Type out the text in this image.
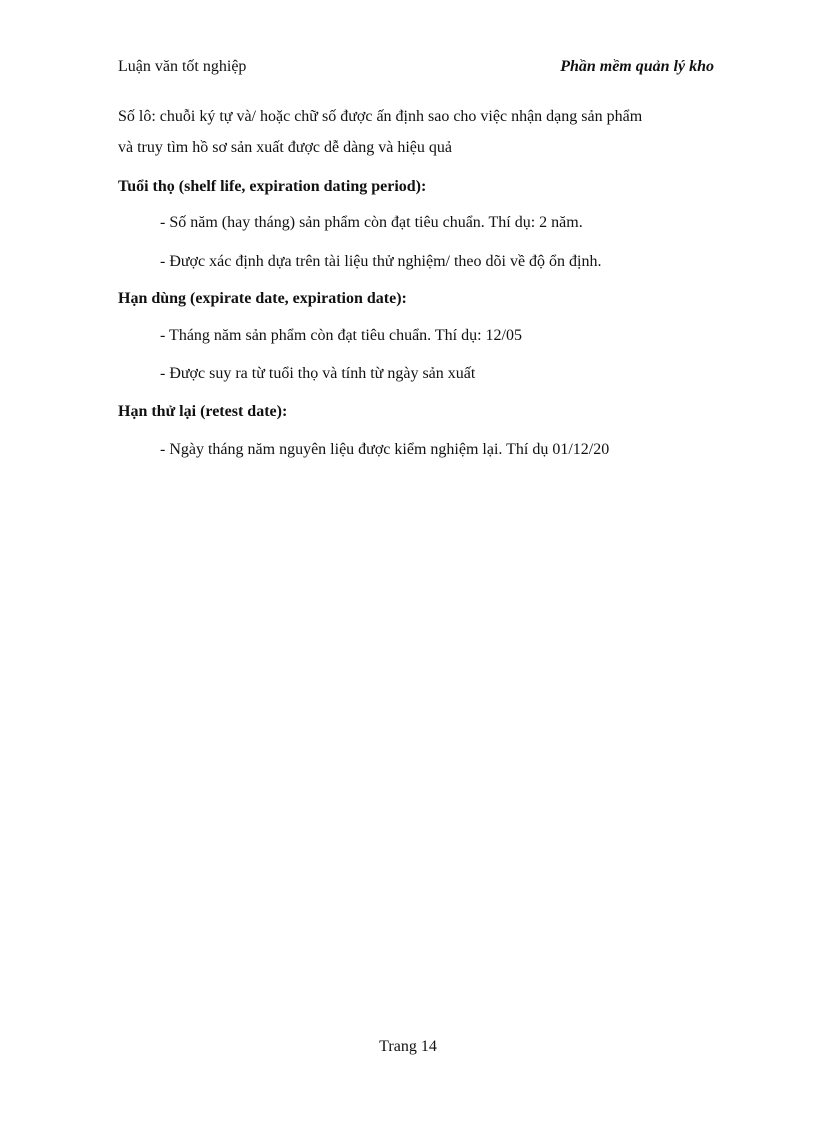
Luận văn tốt nghiệp	Phần mềm quản lý kho
Số lô: chuỗi ký tự và/ hoặc chữ số được ấn định sao cho việc nhận dạng sản phẩm
và truy tìm hồ sơ sản xuất được dễ dàng và hiệu quả
Tuổi thọ (shelf life, expiration dating period):
- Số năm (hay tháng) sản phẩm còn đạt tiêu chuẩn. Thí dụ: 2 năm.
- Được xác định dựa trên tài liệu thử nghiệm/ theo dõi về độ ổn định.
Hạn dùng (expirate date, expiration date):
- Tháng năm sản phẩm còn đạt tiêu chuẩn. Thí dụ: 12/05
- Được suy ra từ tuổi thọ và tính từ ngày sản xuất
Hạn thử lại (retest date):
- Ngày tháng năm nguyên liệu được kiểm nghiệm lại. Thí dụ 01/12/20
Trang 14
